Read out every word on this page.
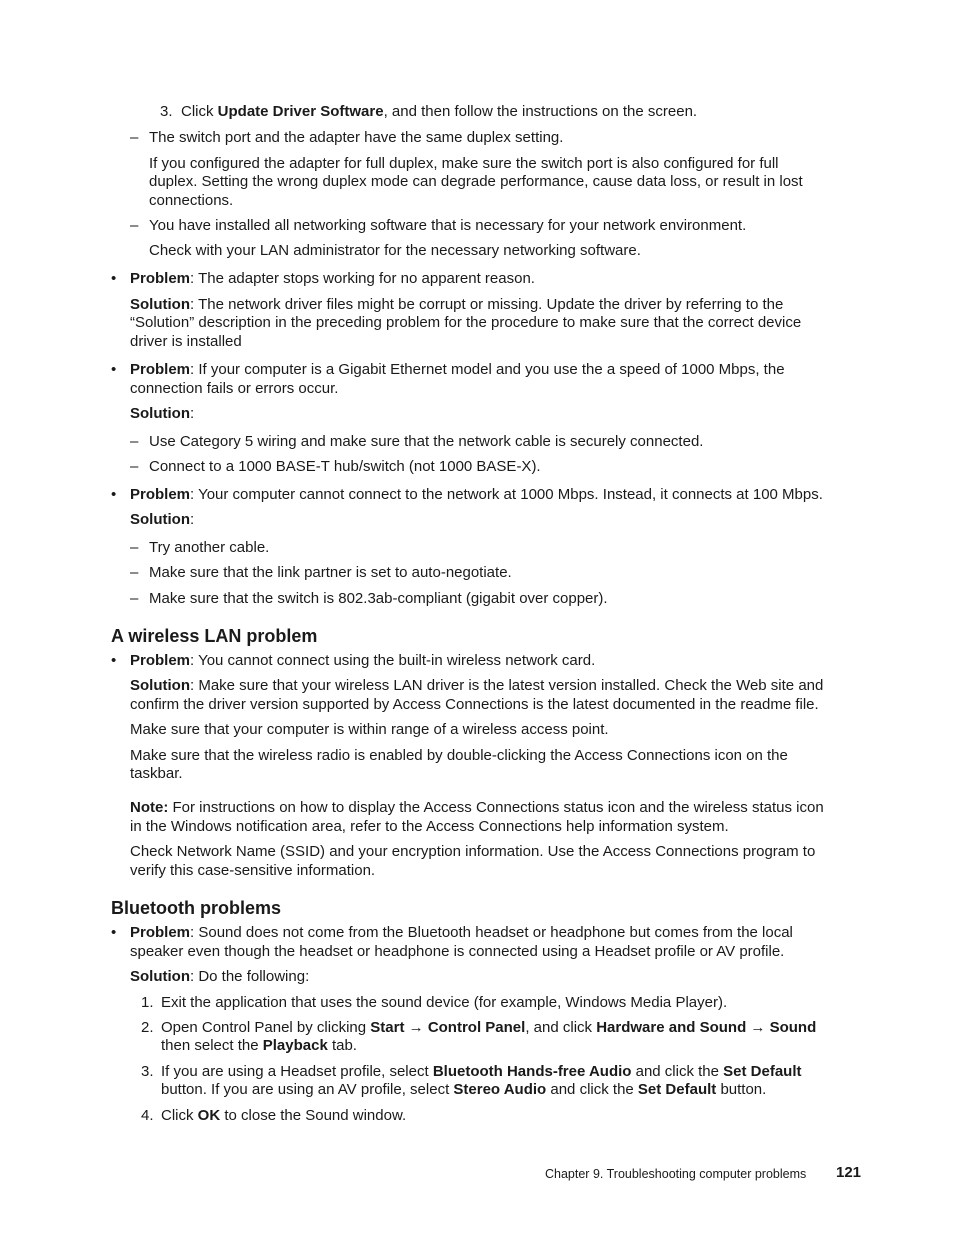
3. Click Update Driver Software, and then follow the instructions on the screen.
– The switch port and the adapter have the same duplex setting.
If you configured the adapter for full duplex, make sure the switch port is also configured for full
duplex. Setting the wrong duplex mode can degrade performance, cause data loss, or result in lost
connections.
– You have installed all networking software that is necessary for your network environment.
Check with your LAN administrator for the necessary networking software.
• Problem: The adapter stops working for no apparent reason.
Solution: The network driver files might be corrupt or missing. Update the driver by referring to the
“Solution” description in the preceding problem for the procedure to make sure that the correct device
driver is installed
• Problem: If your computer is a Gigabit Ethernet model and you use the a speed of 1000 Mbps, the
connection fails or errors occur.
Solution:
– Use Category 5 wiring and make sure that the network cable is securely connected.
– Connect to a 1000 BASE-T hub/switch (not 1000 BASE-X).
• Problem: Your computer cannot connect to the network at 1000 Mbps. Instead, it connects at 100 Mbps.
Solution:
– Try another cable.
– Make sure that the link partner is set to auto-negotiate.
– Make sure that the switch is 802.3ab-compliant (gigabit over copper).
A wireless LAN problem
• Problem: You cannot connect using the built-in wireless network card.
Solution: Make sure that your wireless LAN driver is the latest version installed. Check the Web site and
confirm the driver version supported by Access Connections is the latest documented in the readme file.
Make sure that your computer is within range of a wireless access point.
Make sure that the wireless radio is enabled by double-clicking the Access Connections icon on the
taskbar.
Note: For instructions on how to display the Access Connections status icon and the wireless status icon
in the Windows notification area, refer to the Access Connections help information system.
Check Network Name (SSID) and your encryption information. Use the Access Connections program to
verify this case-sensitive information.
Bluetooth problems
• Problem: Sound does not come from the Bluetooth headset or headphone but comes from the local
speaker even though the headset or headphone is connected using a Headset profile or AV profile.
Solution: Do the following:
1. Exit the application that uses the sound device (for example, Windows Media Player).
2. Open Control Panel by clicking Start → Control Panel, and click Hardware and Sound → Sound
then select the Playback tab.
3. If you are using a Headset profile, select Bluetooth Hands-free Audio and click the Set Default
button. If you are using an AV profile, select Stereo Audio and click the Set Default button.
4. Click OK to close the Sound window.
Chapter 9. Troubleshooting computer problems 121
